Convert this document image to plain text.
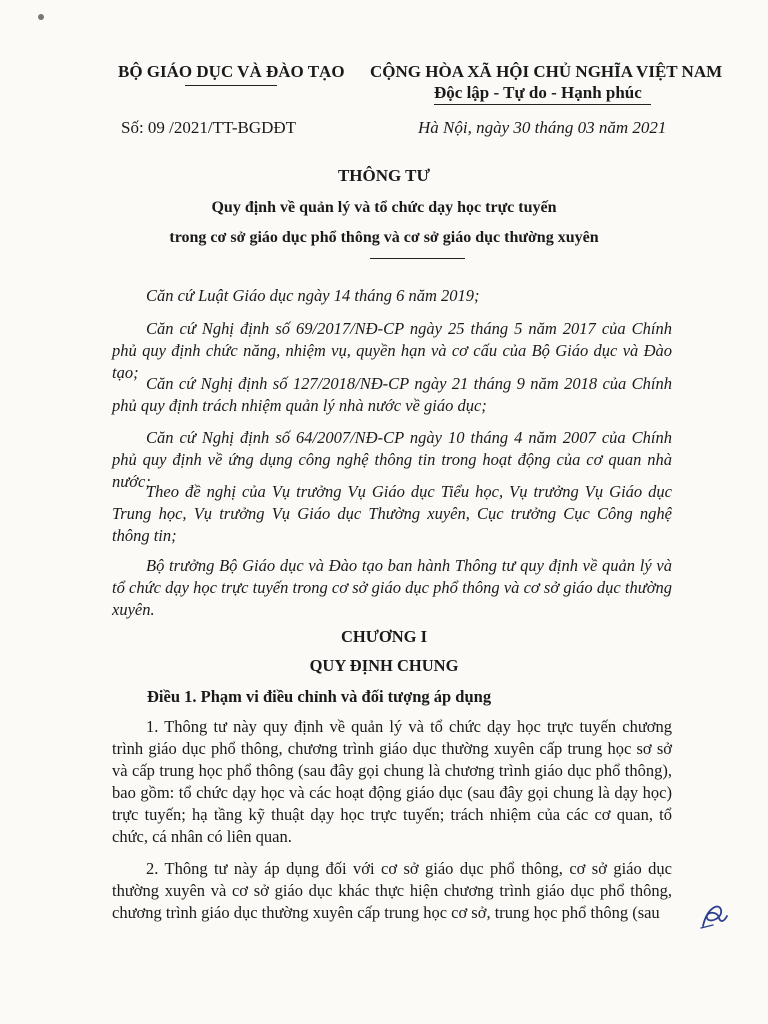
BỘ GIÁO DỤC VÀ ĐÀO TẠO CỘNG HÒA XÃ HỘI CHỦ NGHĨA VIỆT NAM
Độc lập - Tự do - Hạnh phúc
Số: 09 /2021/TT-BGDĐT	Hà Nội, ngày 30 tháng 03 năm 2021
THÔNG TƯ
Quy định về quản lý và tổ chức dạy học trực tuyến
trong cơ sở giáo dục phổ thông và cơ sở giáo dục thường xuyên
Căn cứ Luật Giáo dục ngày 14 tháng 6 năm 2019;
Căn cứ Nghị định số 69/2017/NĐ-CP ngày 25 tháng 5 năm 2017 của Chính phủ quy định chức năng, nhiệm vụ, quyền hạn và cơ cấu của Bộ Giáo dục và Đào tạo;
Căn cứ Nghị định số 127/2018/NĐ-CP ngày 21 tháng 9 năm 2018 của Chính phủ quy định trách nhiệm quản lý nhà nước về giáo dục;
Căn cứ Nghị định số 64/2007/NĐ-CP ngày 10 tháng 4 năm 2007 của Chính phủ quy định về ứng dụng công nghệ thông tin trong hoạt động của cơ quan nhà nước;
Theo đề nghị của Vụ trưởng Vụ Giáo dục Tiểu học, Vụ trưởng Vụ Giáo dục Trung học, Vụ trưởng Vụ Giáo dục Thường xuyên, Cục trưởng Cục Công nghệ thông tin;
Bộ trưởng Bộ Giáo dục và Đào tạo ban hành Thông tư quy định về quản lý và tổ chức dạy học trực tuyến trong cơ sở giáo dục phổ thông và cơ sở giáo dục thường xuyên.
CHƯƠNG I
QUY ĐỊNH CHUNG
Điều 1. Phạm vi điều chỉnh và đối tượng áp dụng
1. Thông tư này quy định về quản lý và tổ chức dạy học trực tuyến chương trình giáo dục phổ thông, chương trình giáo dục thường xuyên cấp trung học sơ sở và cấp trung học phổ thông (sau đây gọi chung là chương trình giáo dục phổ thông), bao gồm: tổ chức dạy học và các hoạt động giáo dục (sau đây gọi chung là dạy học) trực tuyến; hạ tầng kỹ thuật dạy học trực tuyến; trách nhiệm của các cơ quan, tổ chức, cá nhân có liên quan.
2. Thông tư này áp dụng đối với cơ sở giáo dục phổ thông, cơ sở giáo dục thường xuyên và cơ sở giáo dục khác thực hiện chương trình giáo dục phổ thông, chương trình giáo dục thường xuyên cấp trung học cơ sở, trung học phổ thông (sau
